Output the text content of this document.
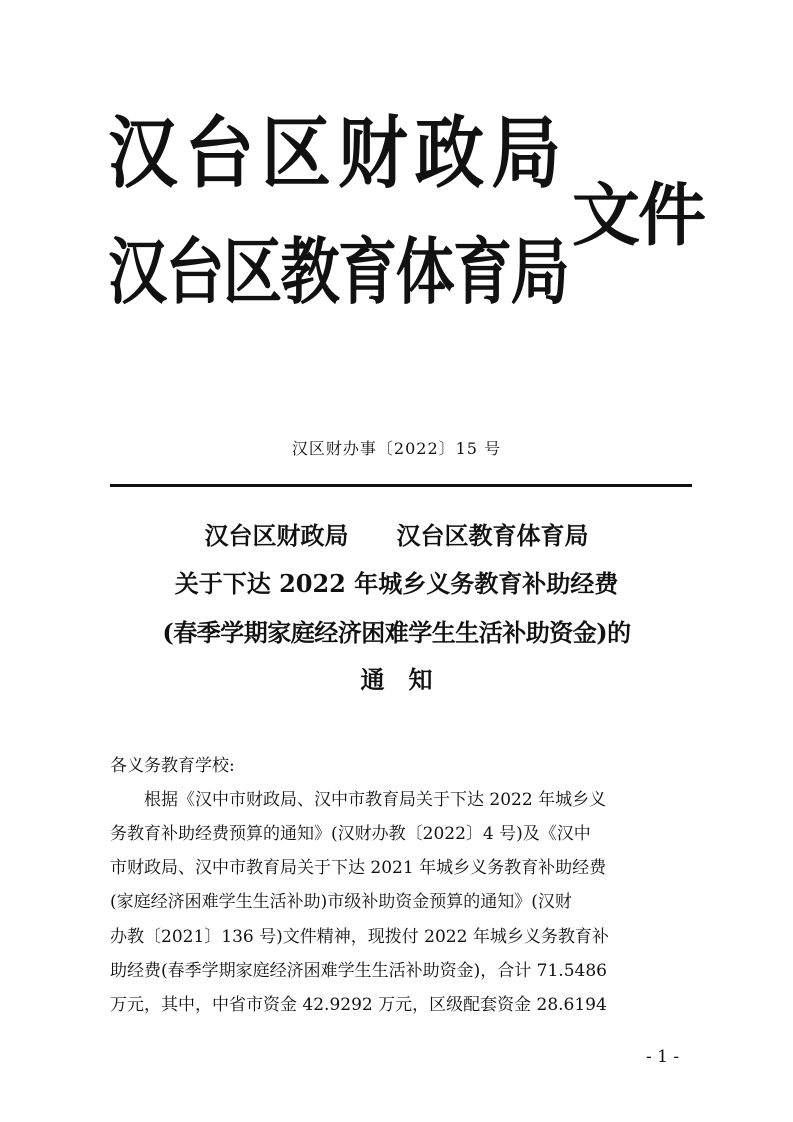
汉台区财政局
汉台区教育体育局
文件
汉区财办事〔2022〕15 号
汉台区财政局　　汉台区教育体育局
关于下达 2022 年城乡义务教育补助经费
(春季学期家庭经济困难学生生活补助资金)的
通　知
各义务教育学校:
　　根据《汉中市财政局、汉中市教育局关于下达 2022 年城乡义
务教育补助经费预算的通知》(汉财办教〔2022〕4 号)及《汉中
市财政局、汉中市教育局关于下达 2021 年城乡义务教育补助经费
(家庭经济困难学生生活补助)市级补助资金预算的通知》(汉财
办教〔2021〕136 号)文件精神，现拨付 2022 年城乡义务教育补
助经费(春季学期家庭经济困难学生生活补助资金)，合计 71.5486
万元，其中，中省市资金 42.9292 万元，区级配套资金 28.6194
- 1 -
